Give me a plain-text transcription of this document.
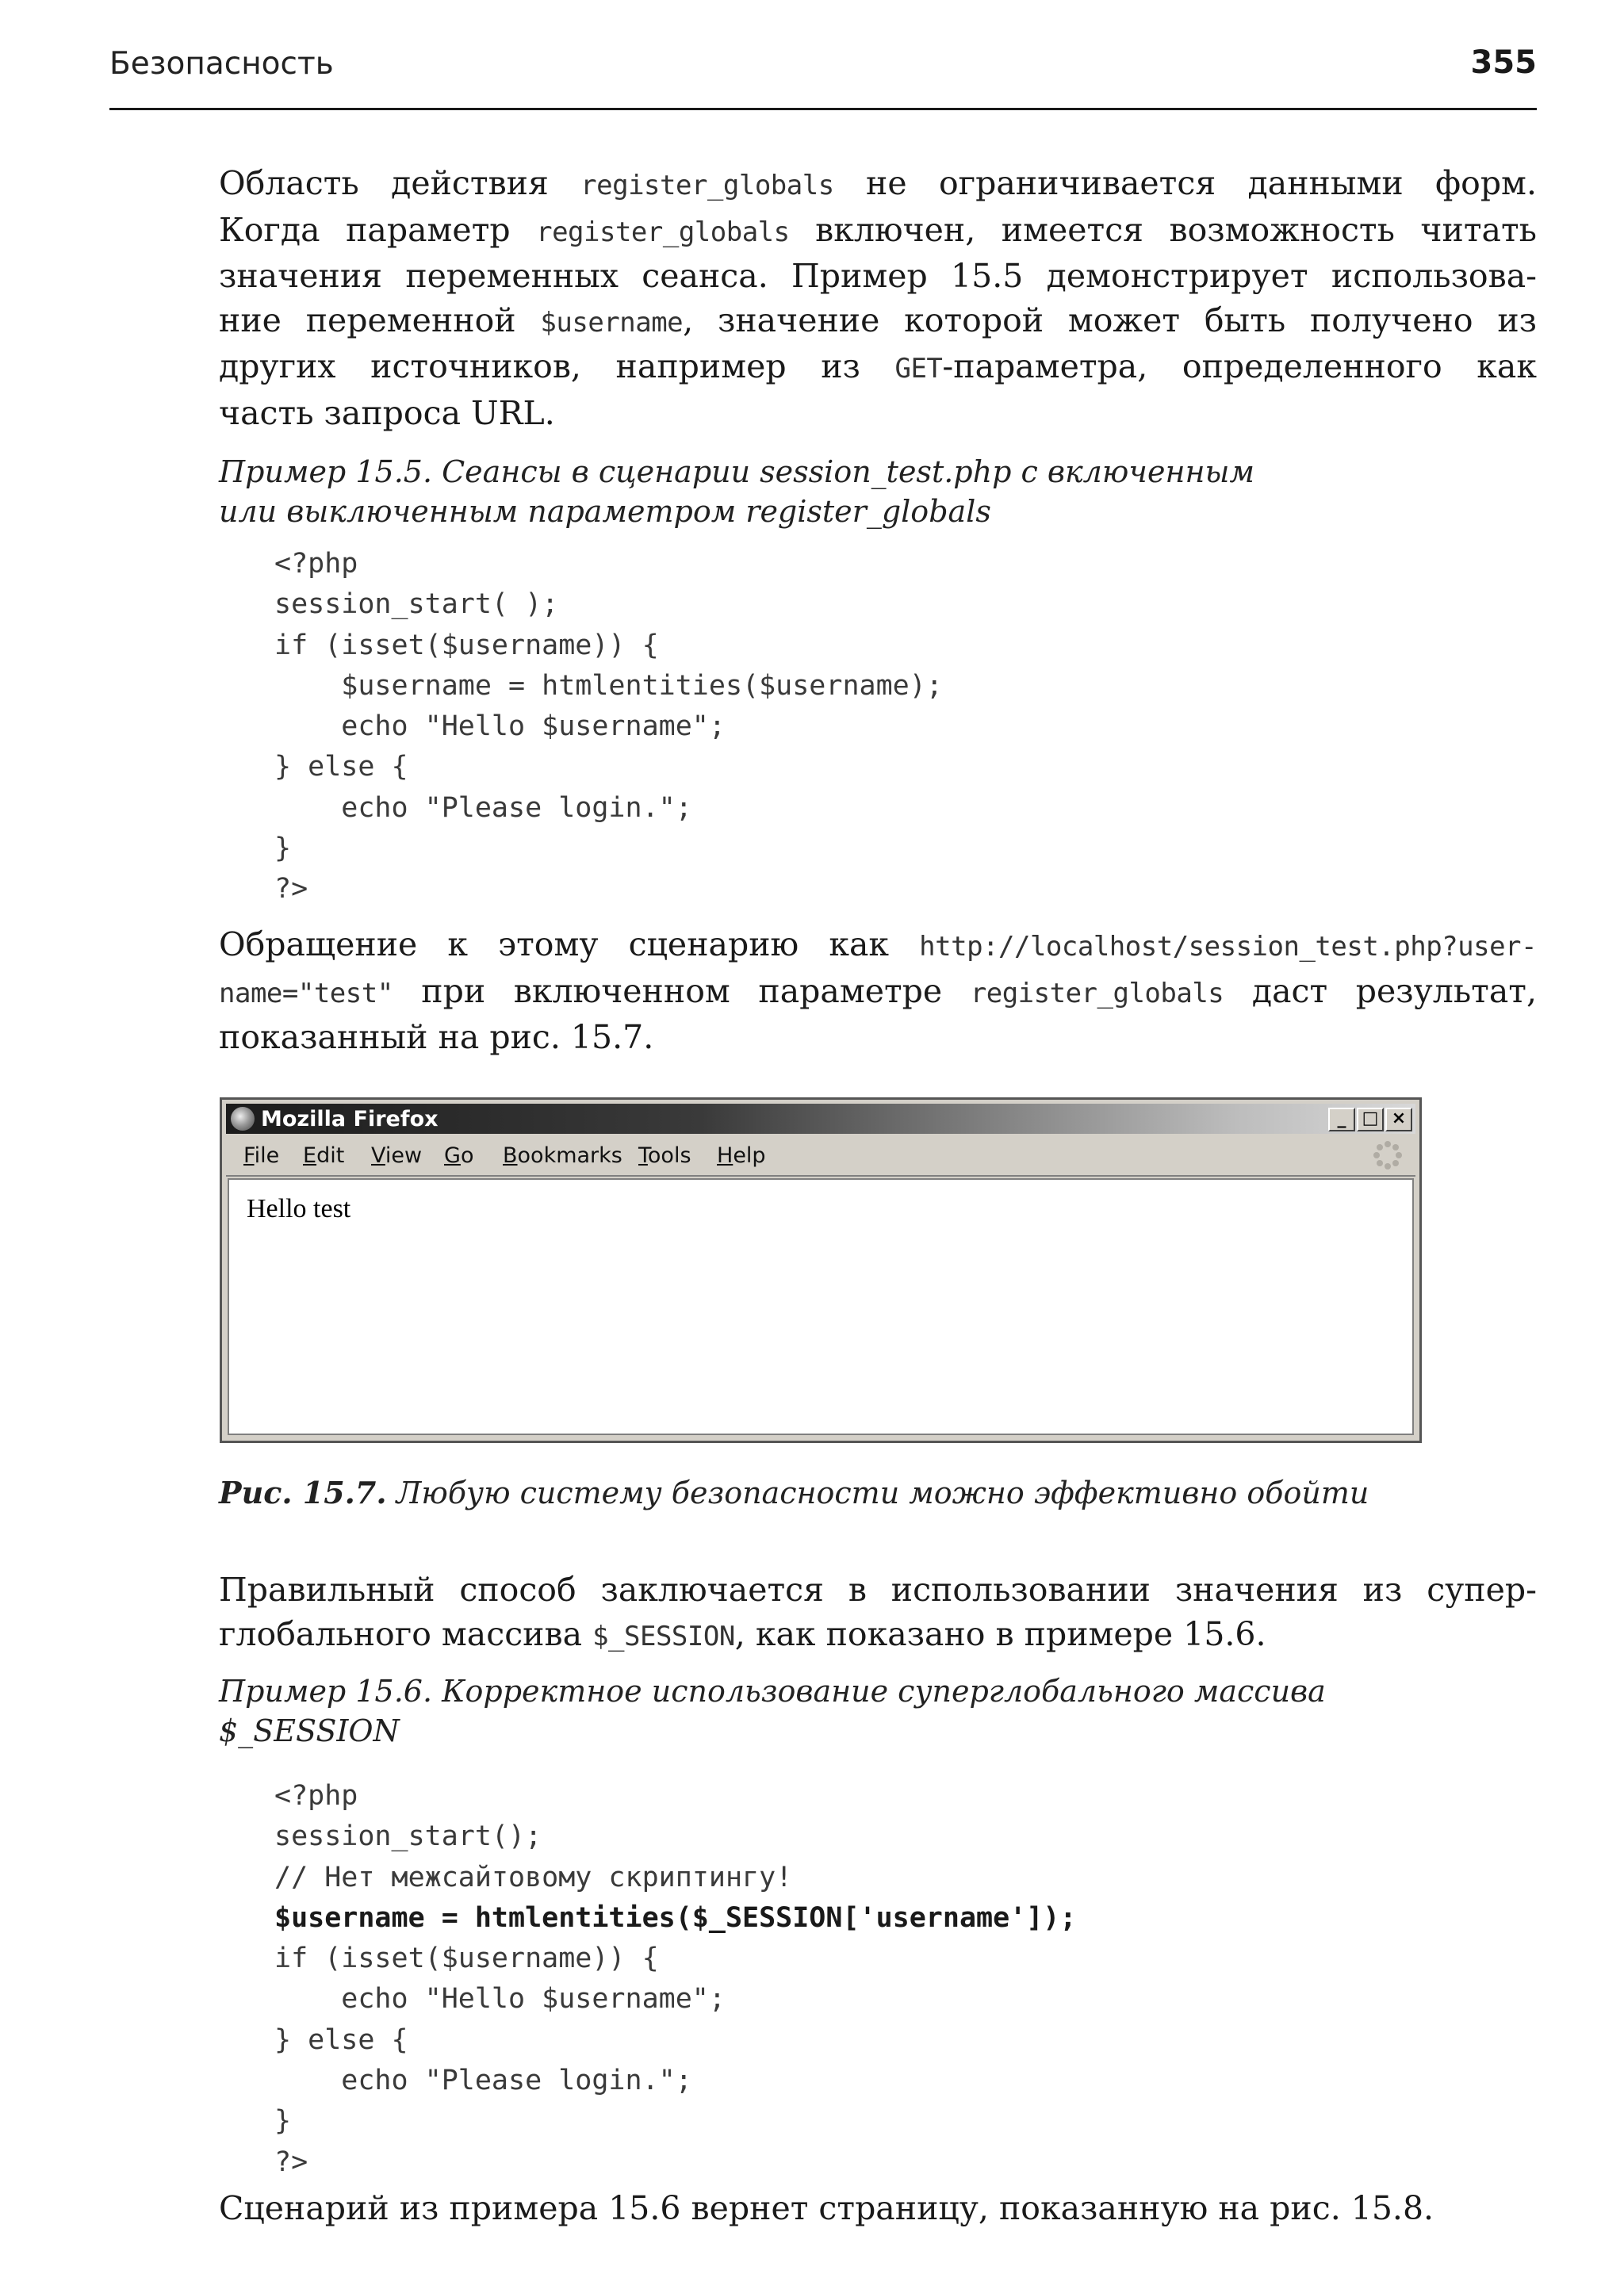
Безопасность	355

Область действия register_globals не ограничивается данными форм.
Когда параметр register_globals включен, имеется возможность читать
значения переменных сеанса. Пример 15.5 демонстрирует использова-
ние переменной $username, значение которой может быть получено из
других источников, например из GET-параметра, определенного как
часть запроса URL.

Пример 15.5. Сеансы в сценарии session_test.php с включенным
или выключенным параметром register_globals

<?php
session_start( );
if (isset($username)) {
$username = htmlentities($username);
echo "Hello $username";
} else {
echo "Please login.";
}
?>

Обращение к этому сценарию как http://localhost/session_test.php?user-
name="test" при включенном параметре register_globals даст результат,
показанный на рис. 15.7.

Mozilla Firefox	_ □ ×
File Edit View Go Bookmarks Tools Help
Hello test
Рис. 15.7. Любую систему безопасности можно эффективно обойти

Правильный способ заключается в использовании значения из супер-
глобального массива $_SESSION, как показано в примере 15.6.

Пример 15.6. Корректное использование суперглобального массива
$_SESSION

<?php
session_start();
// Нет межсайтовому скриптингу!
$username = htmlentities($_SESSION['username']);
if (isset($username)) {
echo "Hello $username";
} else {
echo "Please login.";
}
?>

Сценарий из примера 15.6 вернет страницу, показанную на рис. 15.8.
